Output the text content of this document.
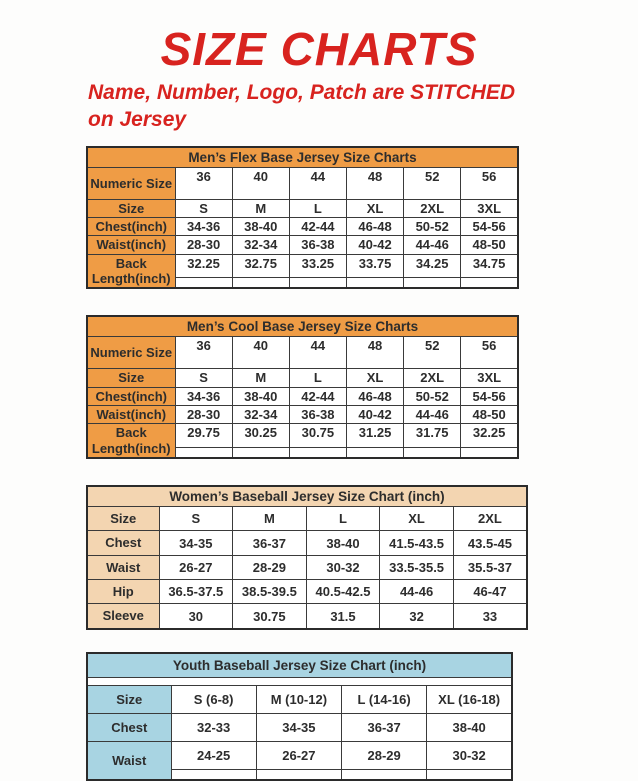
SIZE CHARTS

Name, Number, Logo, Patch are STITCHED on Jersey

Men’s Flex Base Jersey Size Charts						
Numeric Size	36	40	44	48	52	56
Size	S	M	L	XL	2XL	3XL
Chest(inch)	34-36	38-40	42-44	46-48	50-52	54-56
Waist(inch)	28-30	32-34	36-38	40-42	44-46	48-50
Back Length(inch)	32.25	32.75	33.25	33.75	34.25	34.75

Men’s Cool Base Jersey Size Charts						
Numeric Size	36	40	44	48	52	56
Size	S	M	L	XL	2XL	3XL
Chest(inch)	34-36	38-40	42-44	46-48	50-52	54-56
Waist(inch)	28-30	32-34	36-38	40-42	44-46	48-50
Back Length(inch)	29.75	30.25	30.75	31.25	31.75	32.25

Women’s Baseball Jersey Size Chart (inch)					
Size	S	M	L	XL	2XL
Chest	34-35	36-37	38-40	41.5-43.5	43.5-45
Waist	26-27	28-29	30-32	33.5-35.5	35.5-37
Hip	36.5-37.5	38.5-39.5	40.5-42.5	44-46	46-47
Sleeve	30	30.75	31.5	32	33
Youth Baseball Jersey Size Chart (inch)				

Size	S (6-8)	M (10-12)	L (14-16)	XL (16-18)
Chest	32-33	34-35	36-37	38-40
Waist	24-25	26-27	28-29	30-32
